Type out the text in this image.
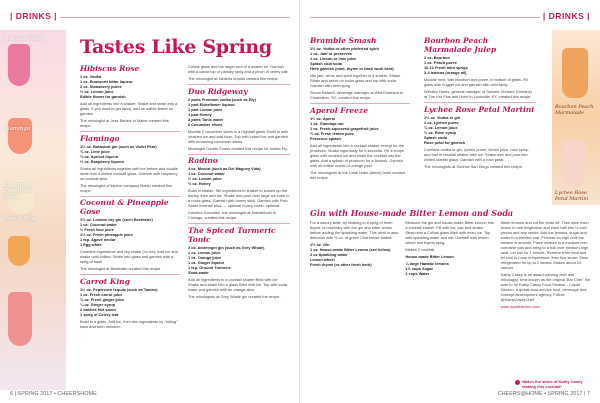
| DRINKS |
Hibiscus Rose
Flamingo
Coconut & Pineapple Gose
Carrot King
Tastes Like Spring
Hibiscus Rose
1 oz. Vodka
1 oz. Rumwortt bitter liqueur
2 oz. Strawberry puree
½ oz. Lemon juice
Edible flower for garnish

Add all ingredients into a shaker. Shake and strain into a glass. If you want to get fancy, add an edible flower as garnish.

The mixologist at Jess Bartels in Maine created this recipe.

Flamingo
1½ oz. Botanical gin (such as Violet Pear)
¾ oz. Lime juice
¾ oz. Apricot liqueur
½ oz. Raspberry liqueur

Shake all ingredients together with ice before and double strain into a chilled cocktail glass. Garnish with raspberry on cocktail stick.

The mixologist of liqueur company Mariel created this recipe.

Coconut & Pineapple Gose
1½ oz. London dry gin (such Beefeater)
1 oz. Coconut water
½ Fresh lime juice
1½ oz. Fresh pineapple juice
1 tsp. Agave nectar
1 Egg white

Combine ingredients and dry shake (no ice). Add ice and shake until chilled. Strain into glass and garnish with a sprig of basil.

The mixologist at Beefeater created this recipe.

Carrot King
1½ oz. Pepercorn tequila (such as Tanteo)
1 oz. Fresh carrot juice
¾ oz. Fresh ginger juice
¼ oz. Ginger syrup
2 dashes Hot sauce
1 sprig of Celery leaf

Build in a glass. Add ice, then mix ingredients by "rolling" back and forth between

Collins glass and the larger end of a shaker tin. Garnish with a carrot top or parsley sprig and a pinch of celery salt.

The mixologist at Tanteria tequila created this recipe.

Duo Ridgeway
2 parts Premium vodka (such as Ely)
1 part Elderflower liqueur
1 part Lemon juice
1 part Honey
3 parts Tonic water
6 Cucumber slices

Muddle 2 cucumber slices in a highball glass. Build in with crushed ice and add tonic. Top with cubed ice and garnish with remaining cucumber slices.

Mixologist Gareth Evans created this recipe for Vodka Ely.

Radino
3 oz. Mezcal (such as Del Maguey Vida)
1 oz. Coconut water
½ oz. Lemon juice
½ oz. Honey

Build in shaker. Stir ingredients in shaker to loosen up the honey, then add ice. Shake and pour over large ice cube in a rocks glass. Garnish with honey stick. Garnish with Palo Santo incense stick — optional honey comb, optional.

Carolina Gonzalez, bar mixologist at Mandelhold in Chicago, created this recipe.

The Spiced Turmeric Tonic
2 oz. Ameringin gin (such as Grey Whale)
1 oz. Lemon juice
1 oz. Orange juice
1 oz. Ginger liqueur
1 tsp. Ground Turmeric
Soda water

Add all ingredients to a cocktail shaker filled with ice. Shake and strain into a glass filled with ice. Top with soda water and garnish with an orange slice.

The mixologists at Grey Whale gin created the recipe.

6 | SPRING 2017 • CHEERSHOME
| DRINKS |
Bramble Smash
1½ oz. Vodka or other preferred spirit
1 oz. Jam or preserves
1 oz. Lemon or lime juice
Splash club soda
Herb garnish (mint, thyme or basil work best)

Mix jam, citrus and spirit together in a shaker. Shake. Strain and serve on rocks glass and top with soda. Garnish with herb sprig.

Simon Bidwell, beverage manager at Wild Emerson in Charleston, SC, created this recipe.

Aperol Freeze
1½ oz. Aperol
1 oz. Gianduja nut
1 oz. Fresh-squeezed grapefruit juice
¾ oz. Fresh lemon juice
Prosecco splash

Add all ingredients into a cocktail shaker except for the prosecco. Shake vigorously for 5 seconds. Fill a coupe glass with crushed ice and strain the cocktail into the glass. Add a splash of prosecco for a flourish. Garnish with an edible orchid or orange peel.

The mixologists at the Lowe Hotel (Aleck) hotel created this recipe.

Bourbon Peach Marmalade Julep
2 oz. Bourbon
1 oz. Peach puree
10-12 Fresh mint sprigs
3-4 lemons (orange all)

Muddle mint, with bourbon and puree, in bottom of glass. Fill glass with nugget ice and garnish with mint sprig.

Westley Harris, general manager of Swizzle Orchard (Orleans) at The Hot Plus and Hotel in Louisville, KY, created this recipe.

Lychee Rose Petal Martini
1½ oz. Vodka or gin
2 oz. Lychee puree
¾ oz. Lemon juice
½ oz. Rose syrup
Splash soda
Rose petal for garnish

Combine vodka or gin, lychee puree, lemon juice, rose syrup and half in cocktail shaker with ice. Shake well and pour into chilled Martini glass. Garnish with a rose petal.

The mixologists at Sunrise San Diego created this recipe.

Bourbon Peach Marmalade
Lychee Rose Petal Martini
Gin with House-made Bitter Lemon and Soda

For a savory twist, try shaking in a sprig of fresh thyme or rosemary with the gin and bitter lemon before adding the sparkling water. This drink is also delicious with ½ oz. of green Chartreuse added.

1½ oz. Gin
1 oz. House-made Bitter Lemon (see below)
2 oz Sparkling water
Lemon wheel
Fresh thyme (or other fresh herb)

Measure the gin and house-made Bitter Lemon into a cocktail shaker. Fill with ice, cap and shake. Strain into a Collins glass filled with fresh ice. Top with sparkling water and stir. Garnish with lemon wheel and thyme sprig.

Makes 1 cocktail.

House-made Bitter Lemon
¼ large Hanatic lemons
1½ cups Sugar
2 cups Water

Wash lemons and cut the ends off. Then slice each lemon in half lengthwise and each half into ¼-inch pieces and any seeds. Add the lemons, sugar and water to a blender cup. Process on high until the mixture is smooth. Place mixture in a medium non-corrosive pan and bring to a boil over medium-high heat. Let boil for 1 minute. Remove from heat and let cool to room temperature, then fine strain. Store refrigerated for up to 2 weeks. Makes about 24 ounces.

Kathy Casey is an award-winning chef and mixologist, best known as the original 'Bar Chef.' Be sure to try Kathy Casey Food Studios – Liquid Kitchen, a global food-service food, beverage and concept development agency. Follow @KathyCaseyChef.

www.liquidkitchen.com

Watch the video of Kathy Casey making this cocktail!
CHEERS@HOME • SPRING 2017 | 7
